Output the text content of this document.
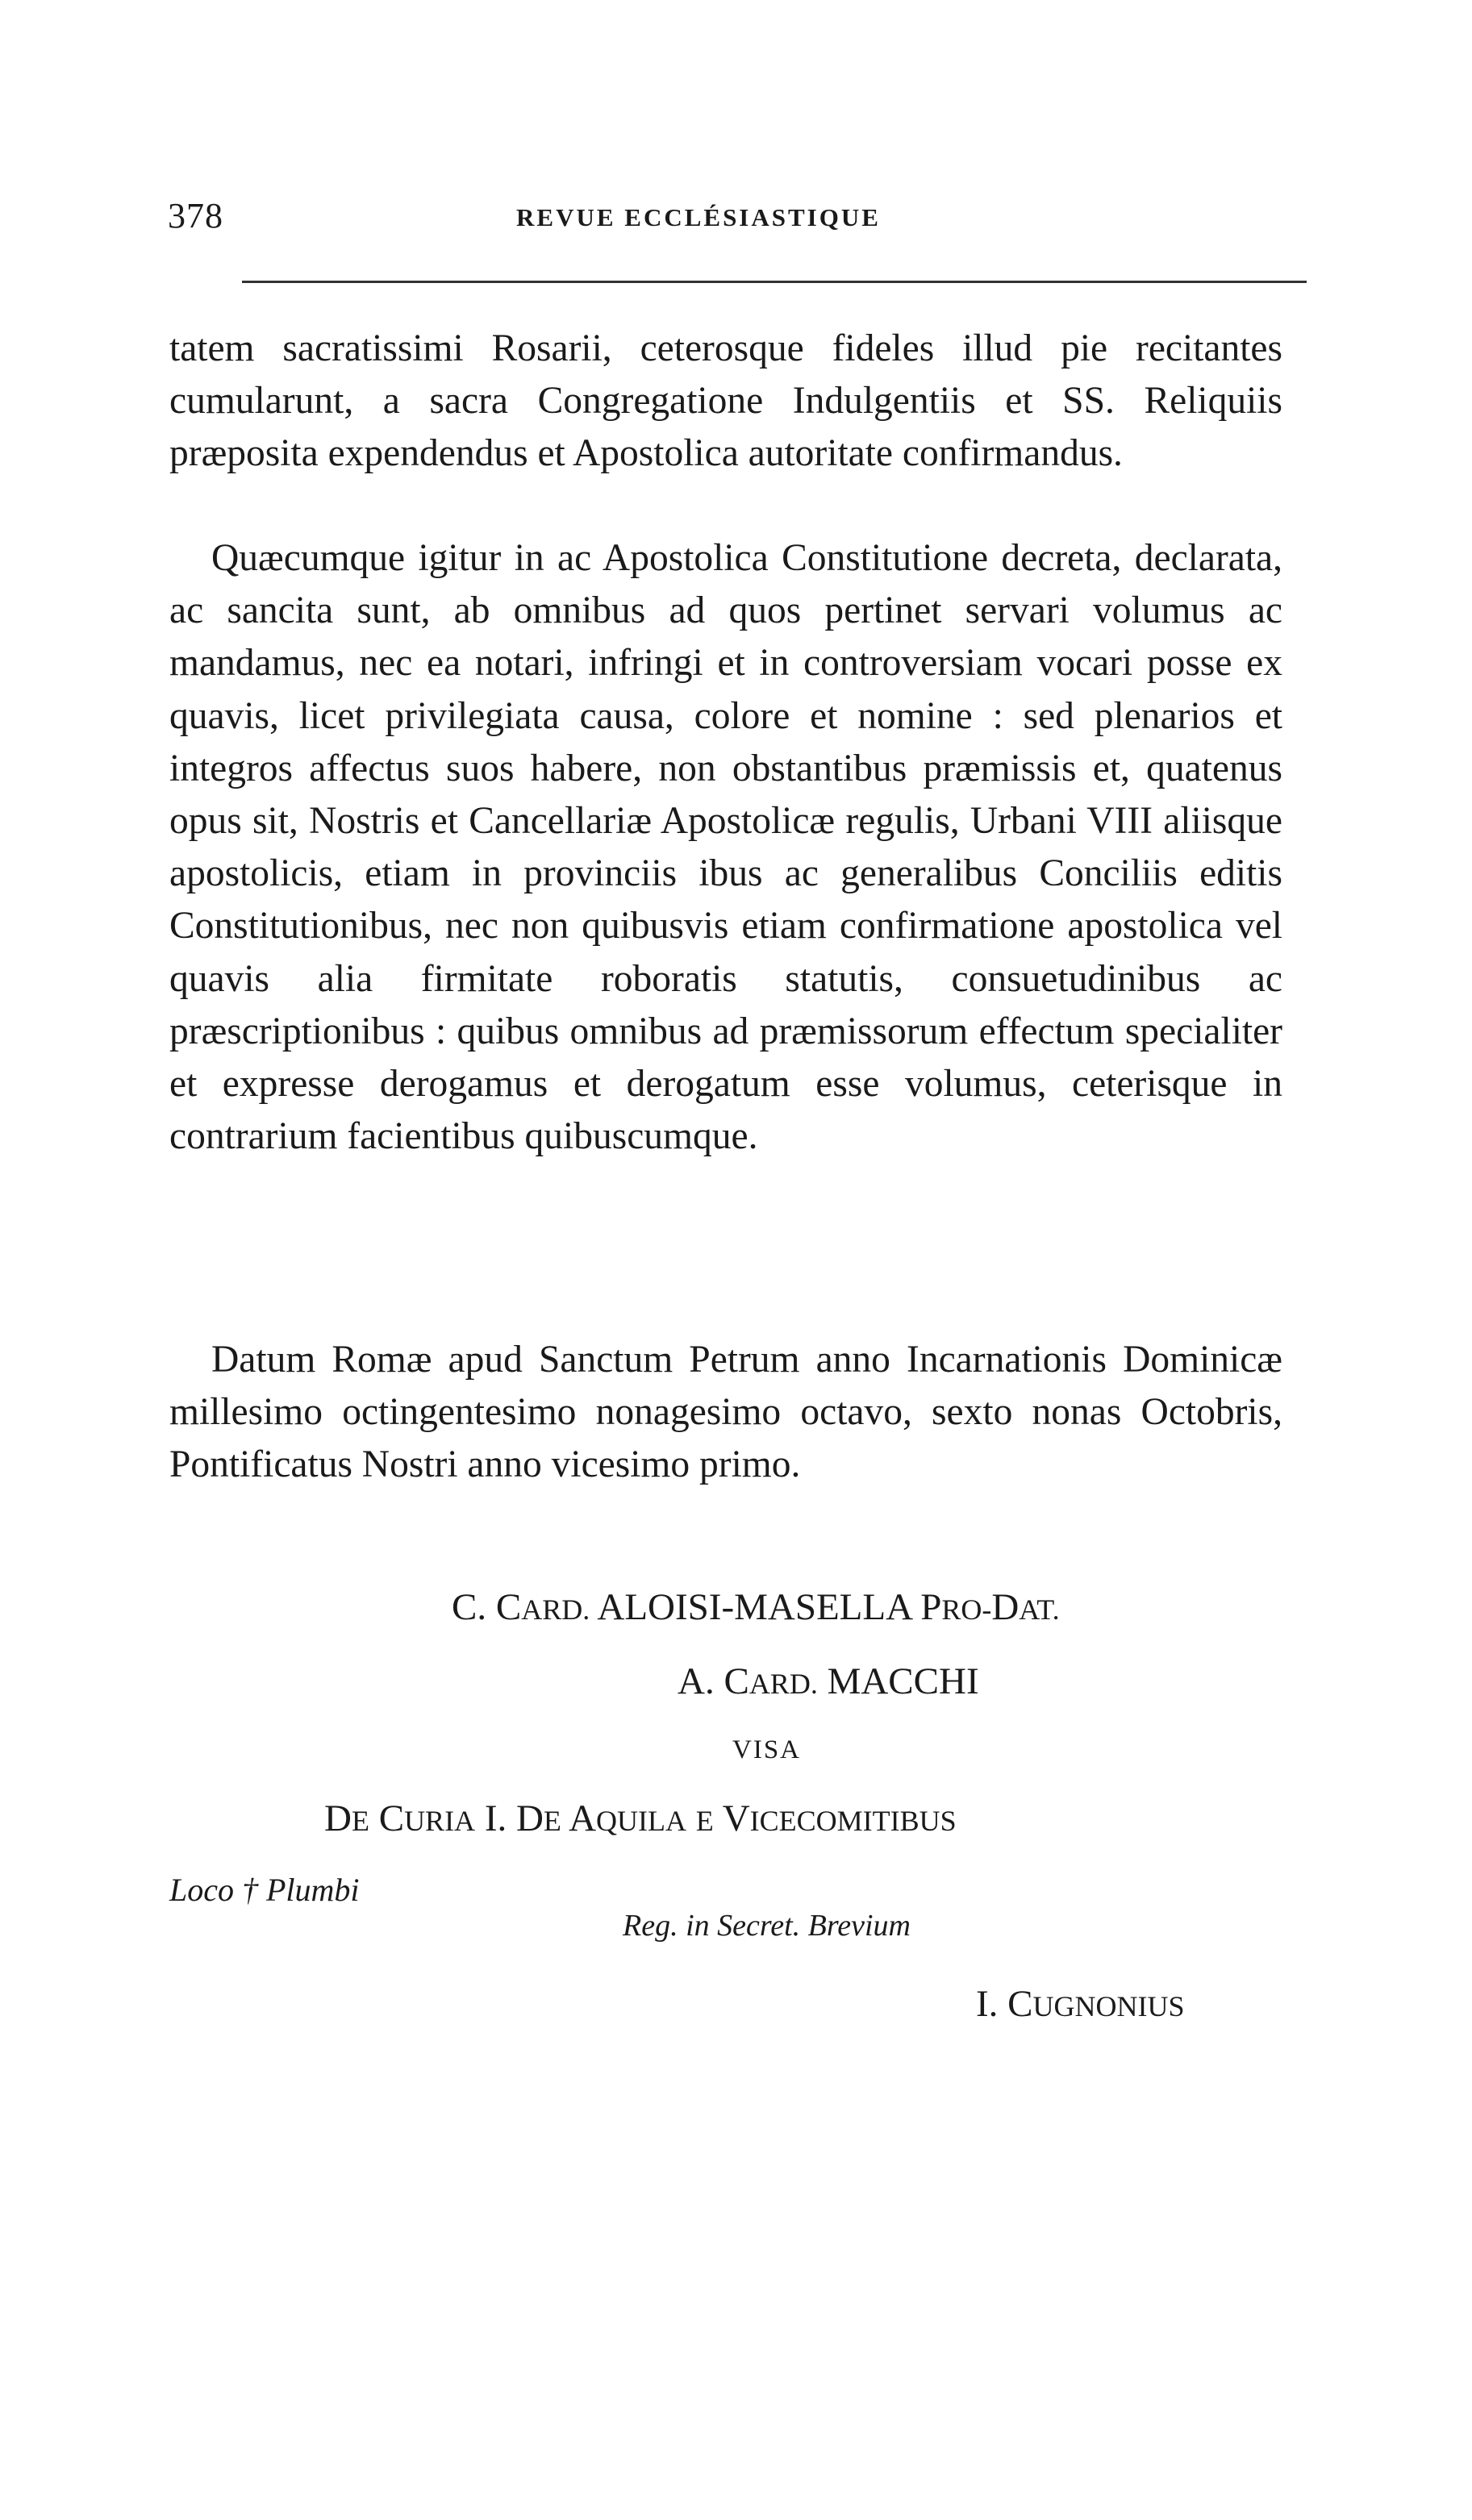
378	REVUE ECCLÉSIASTIQUE

tatem sacratissimi Rosarii, ceterosque fideles illud pie recitantes cumularunt, a sacra Congregatione Indulgentiis et SS. Reliquiis præposita expendendus et Apostolica autoritate confirmandus.

Quæcumque igitur in ac Apostolica Constitutione decreta, declarata, ac sancita sunt, ab omnibus ad quos pertinet servari volumus ac mandamus, nec ea notari, infringi et in controversiam vocari posse ex quavis, licet privilegiata causa, colore et nomine : sed plenarios et integros affectus suos habere, non obstantibus præmissis et, quatenus opus sit, Nostris et Cancellariæ Apostolicæ regulis, Urbani VIII aliisque apostolicis, etiam in provinciis ibus ac generalibus Conciliis editis Constitutionibus, nec non quibusvis etiam confirmatione apostolica vel quavis alia firmitate roboratis statutis, consuetudinibus ac præscriptionibus : quibus omnibus ad præmissorum effectum specialiter et expresse derogamus et derogatum esse volumus, ceterisque in contrarium facientibus quibuscumque.

Datum Romæ apud Sanctum Petrum anno Incarnationis Dominicæ millesimo octingentesimo nonagesimo octavo, sexto nonas Octobris, Pontificatus Nostri anno vicesimo primo.

C. CARD. ALOISI-MASELLA PRO-DAT.
A. CARD. MACCHI
VISA
DE CURIA I. DE AQUILA E VICECOMITIBUS
Loco † Plumbi
Reg. in Secret. Brevium
I. CUGNONIUS
